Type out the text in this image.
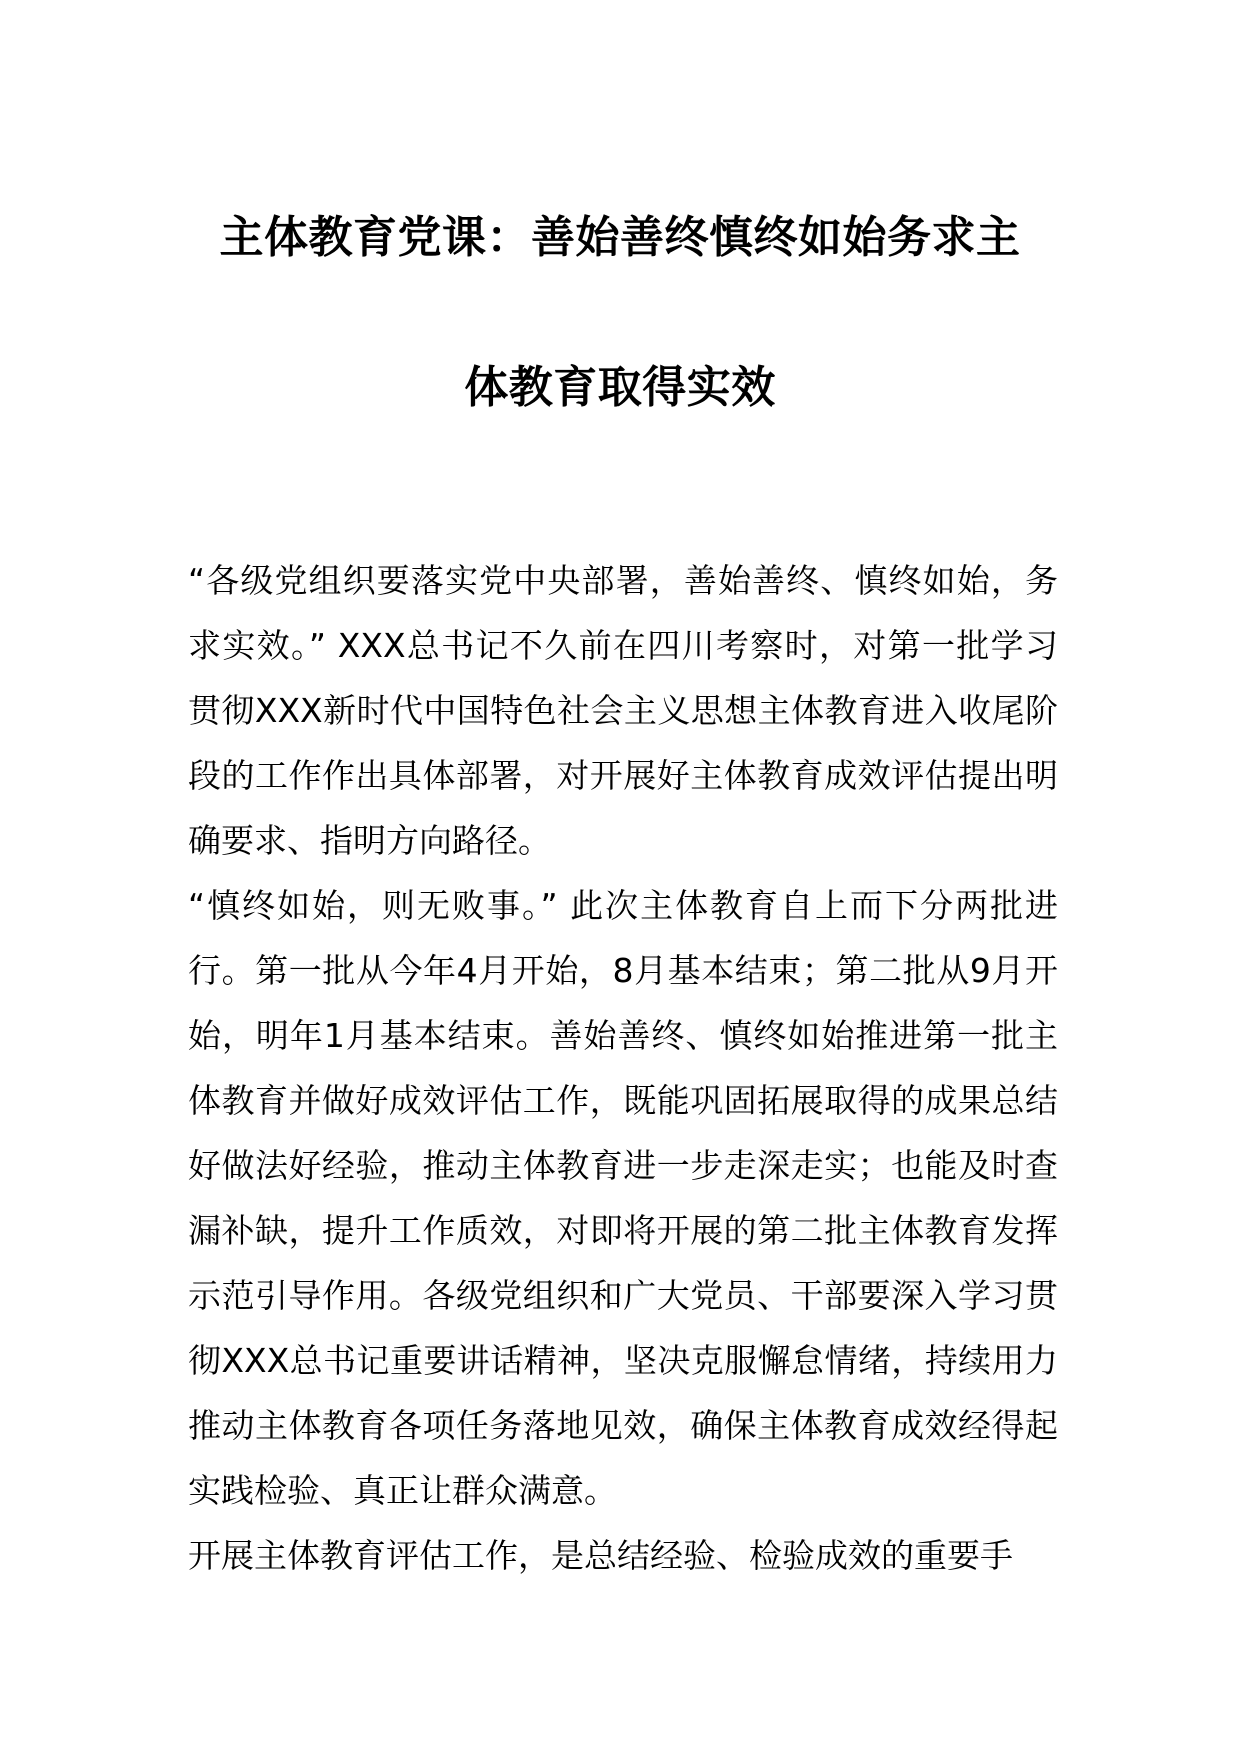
主体教育党课：善始善终慎终如始务求主
体教育取得实效

“各级党组织要落实党中央部署，善始善终、慎终如始，务求实效。” XXX总书记不久前在四川考察时，对第一批学习贯彻XXX新时代中国特色社会主义思想主体教育进入收尾阶段的工作作出具体部署，对开展好主体教育成效评估提出明确要求、指明方向路径。

“慎终如始，则无败事。” 此次主体教育自上而下分两批进行。第一批从今年4月开始，8月基本结束；第二批从9月开始，明年1月基本结束。善始善终、慎终如始推进第一批主体教育并做好成效评估工作，既能巩固拓展取得的成果总结好做法好经验，推动主体教育进一步走深走实；也能及时查漏补缺，提升工作质效，对即将开展的第二批主体教育发挥示范引导作用。各级党组织和广大党员、干部要深入学习贯彻XXX总书记重要讲话精神，坚决克服懈怠情绪，持续用力推动主体教育各项任务落地见效，确保主体教育成效经得起实践检验、真正让群众满意。

开展主体教育评估工作，是总结经验、检验成效的重要手
